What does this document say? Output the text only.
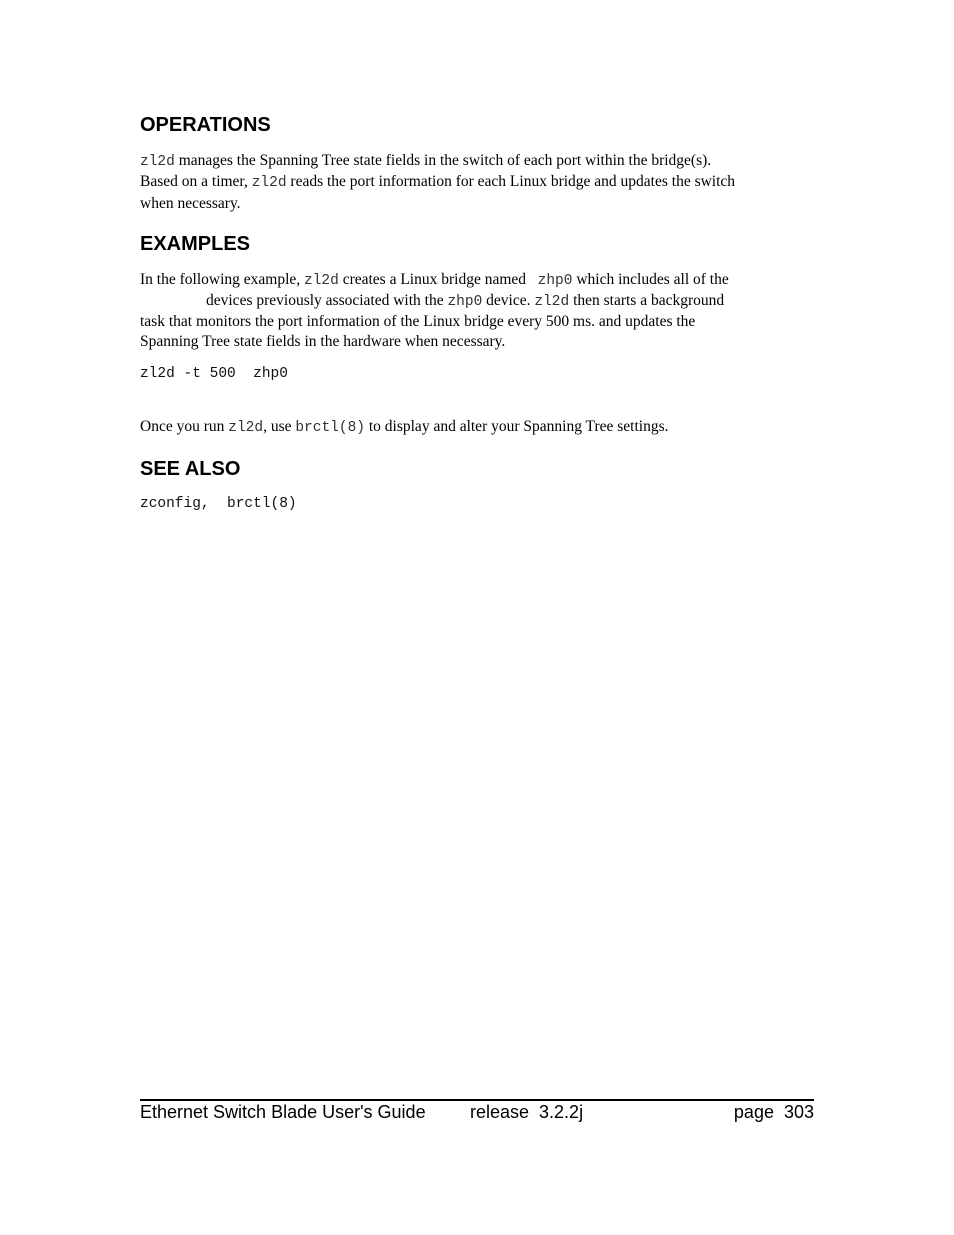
OPERATIONS
zl2d manages the Spanning Tree state fields in the switch of each port within the bridge(s).
Based on a timer, zl2d reads the port information for each Linux bridge and updates the switch
when necessary.
EXAMPLES
In the following example, zl2d creates a Linux bridge named   zhp0 which includes all of the
devices previously associated with the zhp0 device. zl2d then starts a background
task that monitors the port information of the Linux bridge every 500 ms. and updates the
Spanning Tree state fields in the hardware when necessary.
zl2d -t 500  zhp0
Once you run zl2d, use brctl(8) to display and alter your Spanning Tree settings.
SEE ALSO
zconfig,  brctl(8)
Ethernet Switch Blade User's Guide release  3.2.2j	page  303
